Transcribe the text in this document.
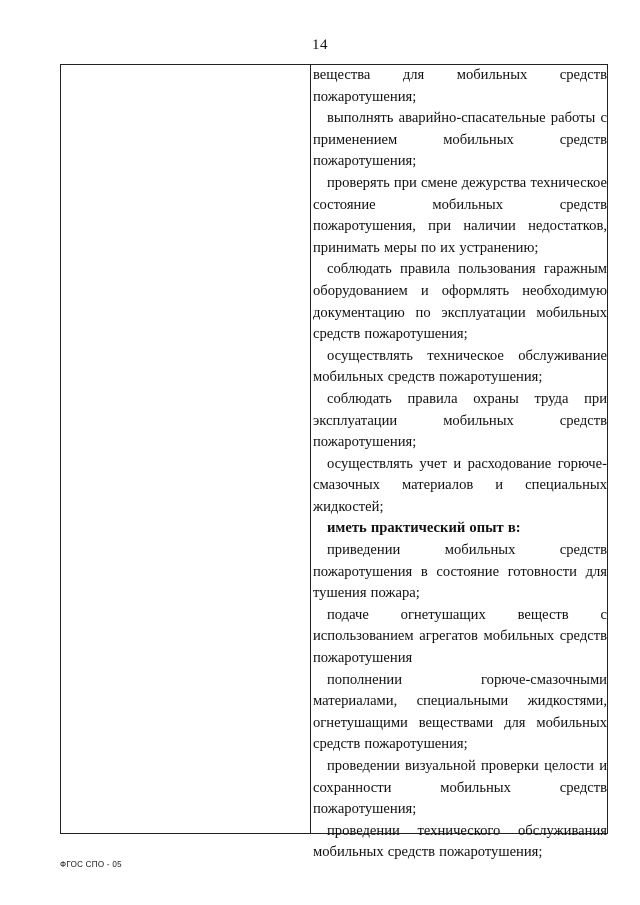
14

вещества для мобильных средств пожаротушения;

выполнять аварийно-спасательные работы с применением мобильных средств пожаротушения;

проверять при смене дежурства техническое состояние мобильных средств пожаротушения, при наличии недостатков, принимать меры по их устранению;

соблюдать правила пользования гаражным оборудованием и оформлять необходимую документацию по эксплуатации мобильных средств пожаротушения;

осуществлять техническое обслуживание мобильных средств пожаротушения;

соблюдать правила охраны труда при эксплуатации мобильных средств пожаротушения;

осуществлять учет и расходование горюче-смазочных материалов и специальных жидкостей;

иметь практический опыт в:

приведении мобильных средств пожаротушения в состояние готовности для тушения пожара;

подаче огнетушащих веществ с использованием агрегатов мобильных средств пожаротушения

пополнении горюче-смазочными материалами, специальными жидкостями, огнетушащими веществами для мобильных средств пожаротушения;

проведении визуальной проверки целости и сохранности мобильных средств пожаротушения;

проведении технического обслуживания мобильных средств пожаротушения;

ФГОС СПО - 05
